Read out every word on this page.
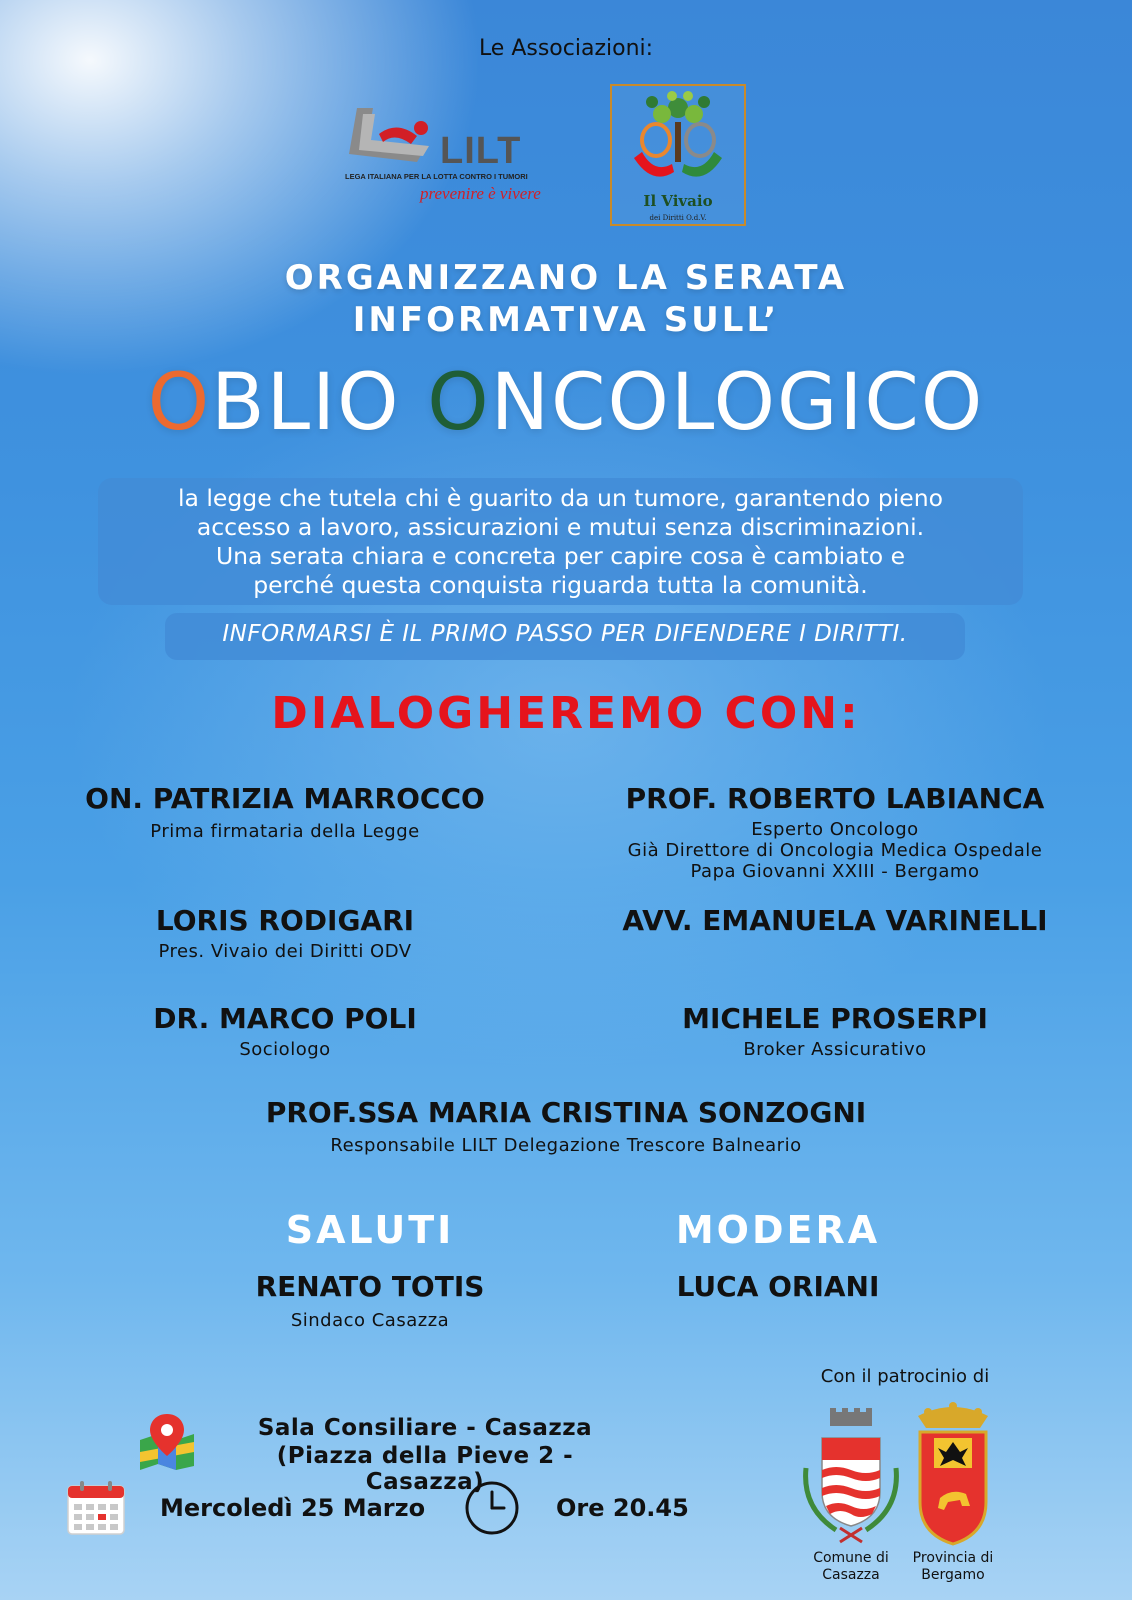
Le Associazioni:
LILT
LEGA ITALIANA PER LA LOTTA CONTRO I TUMORI
prevenire è vivere	Il Vivaio
dei Diritti O.d.V.
ORGANIZZANO LA SERATA
INFORMATIVA SULL’
OBLIO ONCOLOGICO
la legge che tutela chi è guarito da un tumore, garantendo pieno
accesso a lavoro, assicurazioni e mutui senza discriminazioni.
Una serata chiara e concreta per capire cosa è cambiato e
perché questa conquista riguarda tutta la comunità.
INFORMARSI È IL PRIMO PASSO PER DIFENDERE I DIRITTI.
DIALOGHEREMO CON:
ON. PATRIZIA MARROCCO
Prima firmataria della Legge
PROF. ROBERTO LABIANCA
Esperto Oncologo
Già Direttore di Oncologia Medica Ospedale
Papa Giovanni XXIII - Bergamo
LORIS RODIGARI
Pres. Vivaio dei Diritti ODV
AVV. EMANUELA VARINELLI
DR. MARCO POLI
Sociologo
MICHELE PROSERPI
Broker Assicurativo
PROF.SSA MARIA CRISTINA SONZOGNI
Responsabile LILT Delegazione Trescore Balneario
SALUTI
RENATO TOTIS
Sindaco Casazza
MODERA
LUCA ORIANI
Sala Consiliare - Casazza
(Piazza della Pieve 2 - Casazza)
Mercoledì 25 Marzo	Ore 20.45
Con il patrocinio di
Comune di
Casazza
Provincia di
Bergamo
